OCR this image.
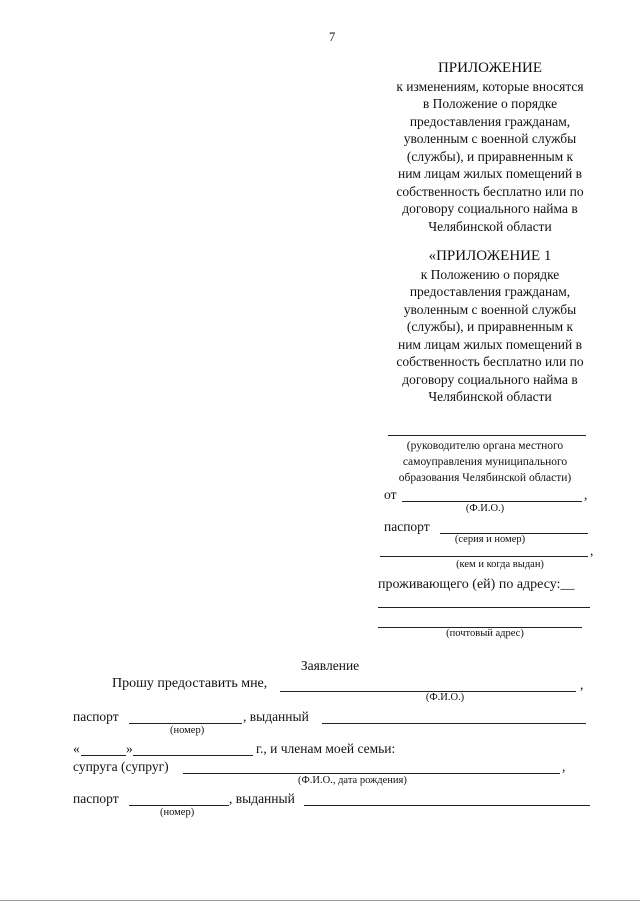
7
ПРИЛОЖЕНИЕ
к изменениям, которые вносятся
в Положение о порядке
предоставления гражданам,
уволенным с военной службы
(службы), и приравненным к
ним лицам жилых помещений в
собственность бесплатно или по
договору социального найма в
Челябинской области
«ПРИЛОЖЕНИЕ 1
к Положению о порядке
предоставления гражданам,
уволенным с военной службы
(службы), и приравненным к
ним лицам жилых помещений в
собственность бесплатно или по
договору социального найма в
Челябинской области
(руководителю органа местного
самоуправления муниципального
образования Челябинской области)
от	,
(Ф.И.О.)
паспорт
(серия и номер)
,
(кем и когда выдан)
проживающего (ей) по адресу:__
(почтовый адрес)
Заявление
Прошу предоставить мне,	,
(Ф.И.О.)
паспорт	, выданный
(номер)
«	»	г., и членам моей семьи:
супруга (супруг)	,
(Ф.И.О., дата рождения)
паспорт	, выданный
(номер)
